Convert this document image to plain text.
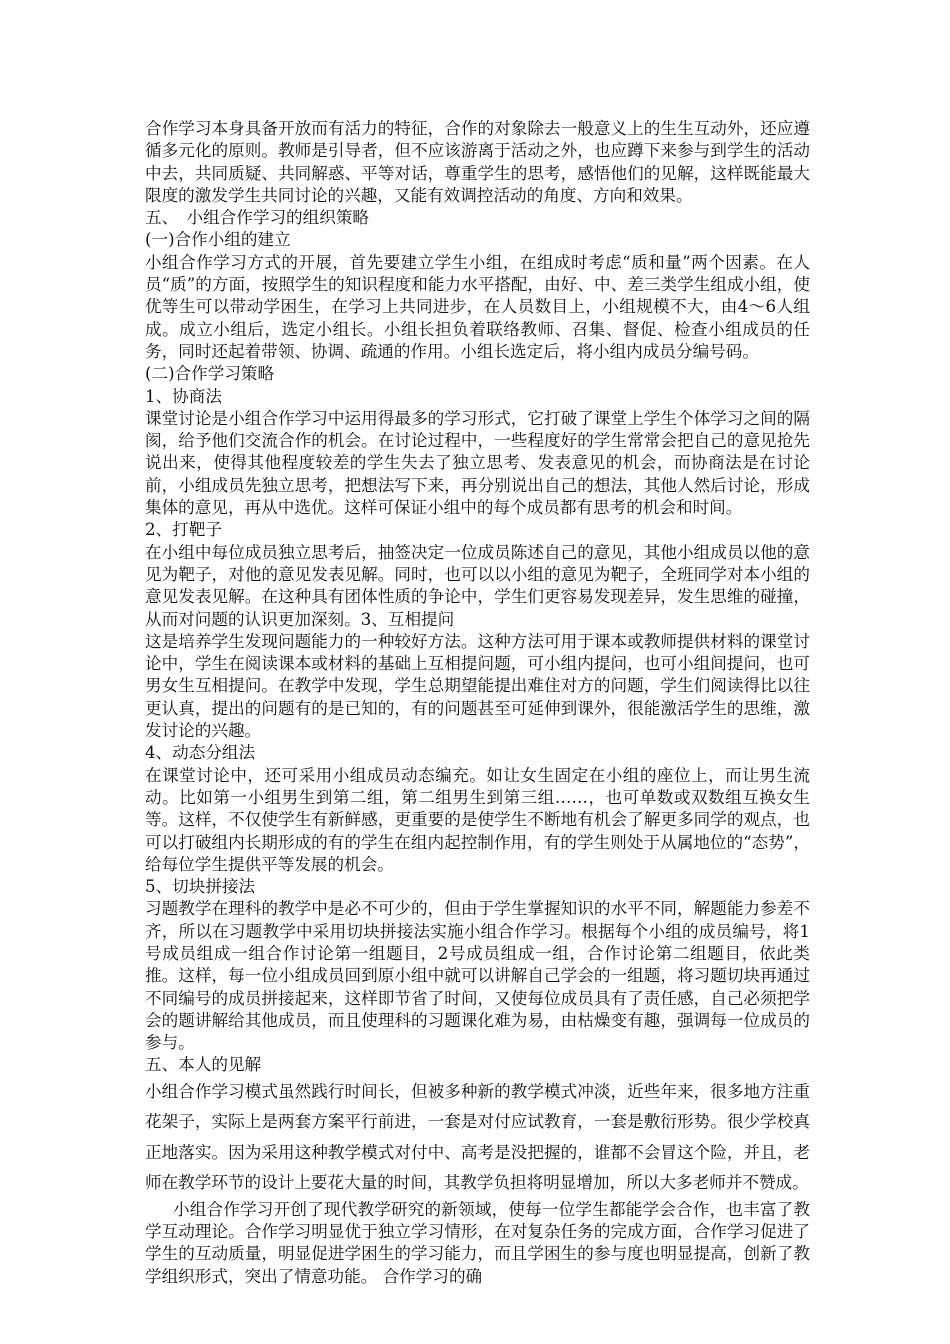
合作学习本身具备开放而有活力的特征，合作的对象除去一般意义上的生生互动外，还应遵循多元化的原则。教师是引导者，但不应该游离于活动之外，也应蹲下来参与到学生的活动中去，共同质疑、共同解惑、平等对话，尊重学生的思考，感悟他们的见解，这样既能最大限度的激发学生共同讨论的兴趣，又能有效调控活动的角度、方向和效果。

五、　小组合作学习的组织策略
(一)合作小组的建立

小组合作学习方式的开展，首先要建立学生小组，在组成时考虑“质和量”两个因素。在人员“质”的方面，按照学生的知识程度和能力水平搭配，由好、中、差三类学生组成小组，使优等生可以带动学困生，在学习上共同进步，在人员数目上，小组规模不大，由4～6人组成。成立小组后，选定小组长。小组长担负着联络教师、召集、督促、检查小组成员的任务，同时还起着带领、协调、疏通的作用。小组长选定后，将小组内成员分编号码。

(二)合作学习策略
1、协商法

课堂讨论是小组合作学习中运用得最多的学习形式，它打破了课堂上学生个体学习之间的隔阂，给予他们交流合作的机会。在讨论过程中，一些程度好的学生常常会把自己的意见抢先说出来，使得其他程度较差的学生失去了独立思考、发表意见的机会，而协商法是在讨论前，小组成员先独立思考，把想法写下来，再分别说出自己的想法，其他人然后讨论，形成集体的意见，再从中选优。这样可保证小组中的每个成员都有思考的机会和时间。

2、打靶子

在小组中每位成员独立思考后，抽签决定一位成员陈述自己的意见，其他小组成员以他的意见为靶子，对他的意见发表见解。同时，也可以以小组的意见为靶子，全班同学对本小组的意见发表见解。在这种具有团体性质的争论中，学生们更容易发现差异，发生思维的碰撞，从而对问题的认识更加深刻。3、互相提问

这是培养学生发现问题能力的一种较好方法。这种方法可用于课本或教师提供材料的课堂讨论中，学生在阅读课本或材料的基础上互相提问题，可小组内提问，也可小组间提问，也可男女生互相提问。在教学中发现，学生总期望能提出难住对方的问题，学生们阅读得比以往更认真，提出的问题有的是已知的，有的问题甚至可延伸到课外，很能激活学生的思维，激发讨论的兴趣。

4、动态分组法

在课堂讨论中，还可采用小组成员动态编充。如让女生固定在小组的座位上，而让男生流动。比如第一小组男生到第二组，第二组男生到第三组……，也可单数或双数组互换女生等。这样，不仅使学生有新鲜感，更重要的是使学生不断地有机会了解更多同学的观点，也可以打破组内长期形成的有的学生在组内起控制作用，有的学生则处于从属地位的“态势”，给每位学生提供平等发展的机会。

5、切块拼接法

习题教学在理科的教学中是必不可少的，但由于学生掌握知识的水平不同，解题能力参差不齐，所以在习题教学中采用切块拼接法实施小组合作学习。根据每个小组的成员编号，将1号成员组成一组合作讨论第一组题目，2号成员组成一组，合作讨论第二组题目，依此类推。这样，每一位小组成员回到原小组中就可以讲解自己学会的一组题，将习题切块再通过不同编号的成员拼接起来，这样即节省了时间，又使每位成员具有了责任感，自己必须把学会的题讲解给其他成员，而且使理科的习题课化难为易，由枯燥变有趣，强调每一位成员的参与。

五、本人的见解

小组合作学习模式虽然践行时间长，但被多种新的教学模式冲淡，近些年来，很多地方注重花架子，实际上是两套方案平行前进，一套是对付应试教育，一套是敷衍形势。很少学校真正地落实。因为采用这种教学模式对付中、高考是没把握的，谁都不会冒这个险，并且，老师在教学环节的设计上要花大量的时间，其教学负担将明显增加，所以大多老师并不赞成。

小组合作学习开创了现代教学研究的新领域，使每一位学生都能学会合作，也丰富了教学互动理论。合作学习明显优于独立学习情形，在对复杂任务的完成方面，合作学习促进了学生的互动质量，明显促进学困生的学习能力，而且学困生的参与度也明显提高，创新了教学组织形式，突出了情意功能。 合作学习的确
